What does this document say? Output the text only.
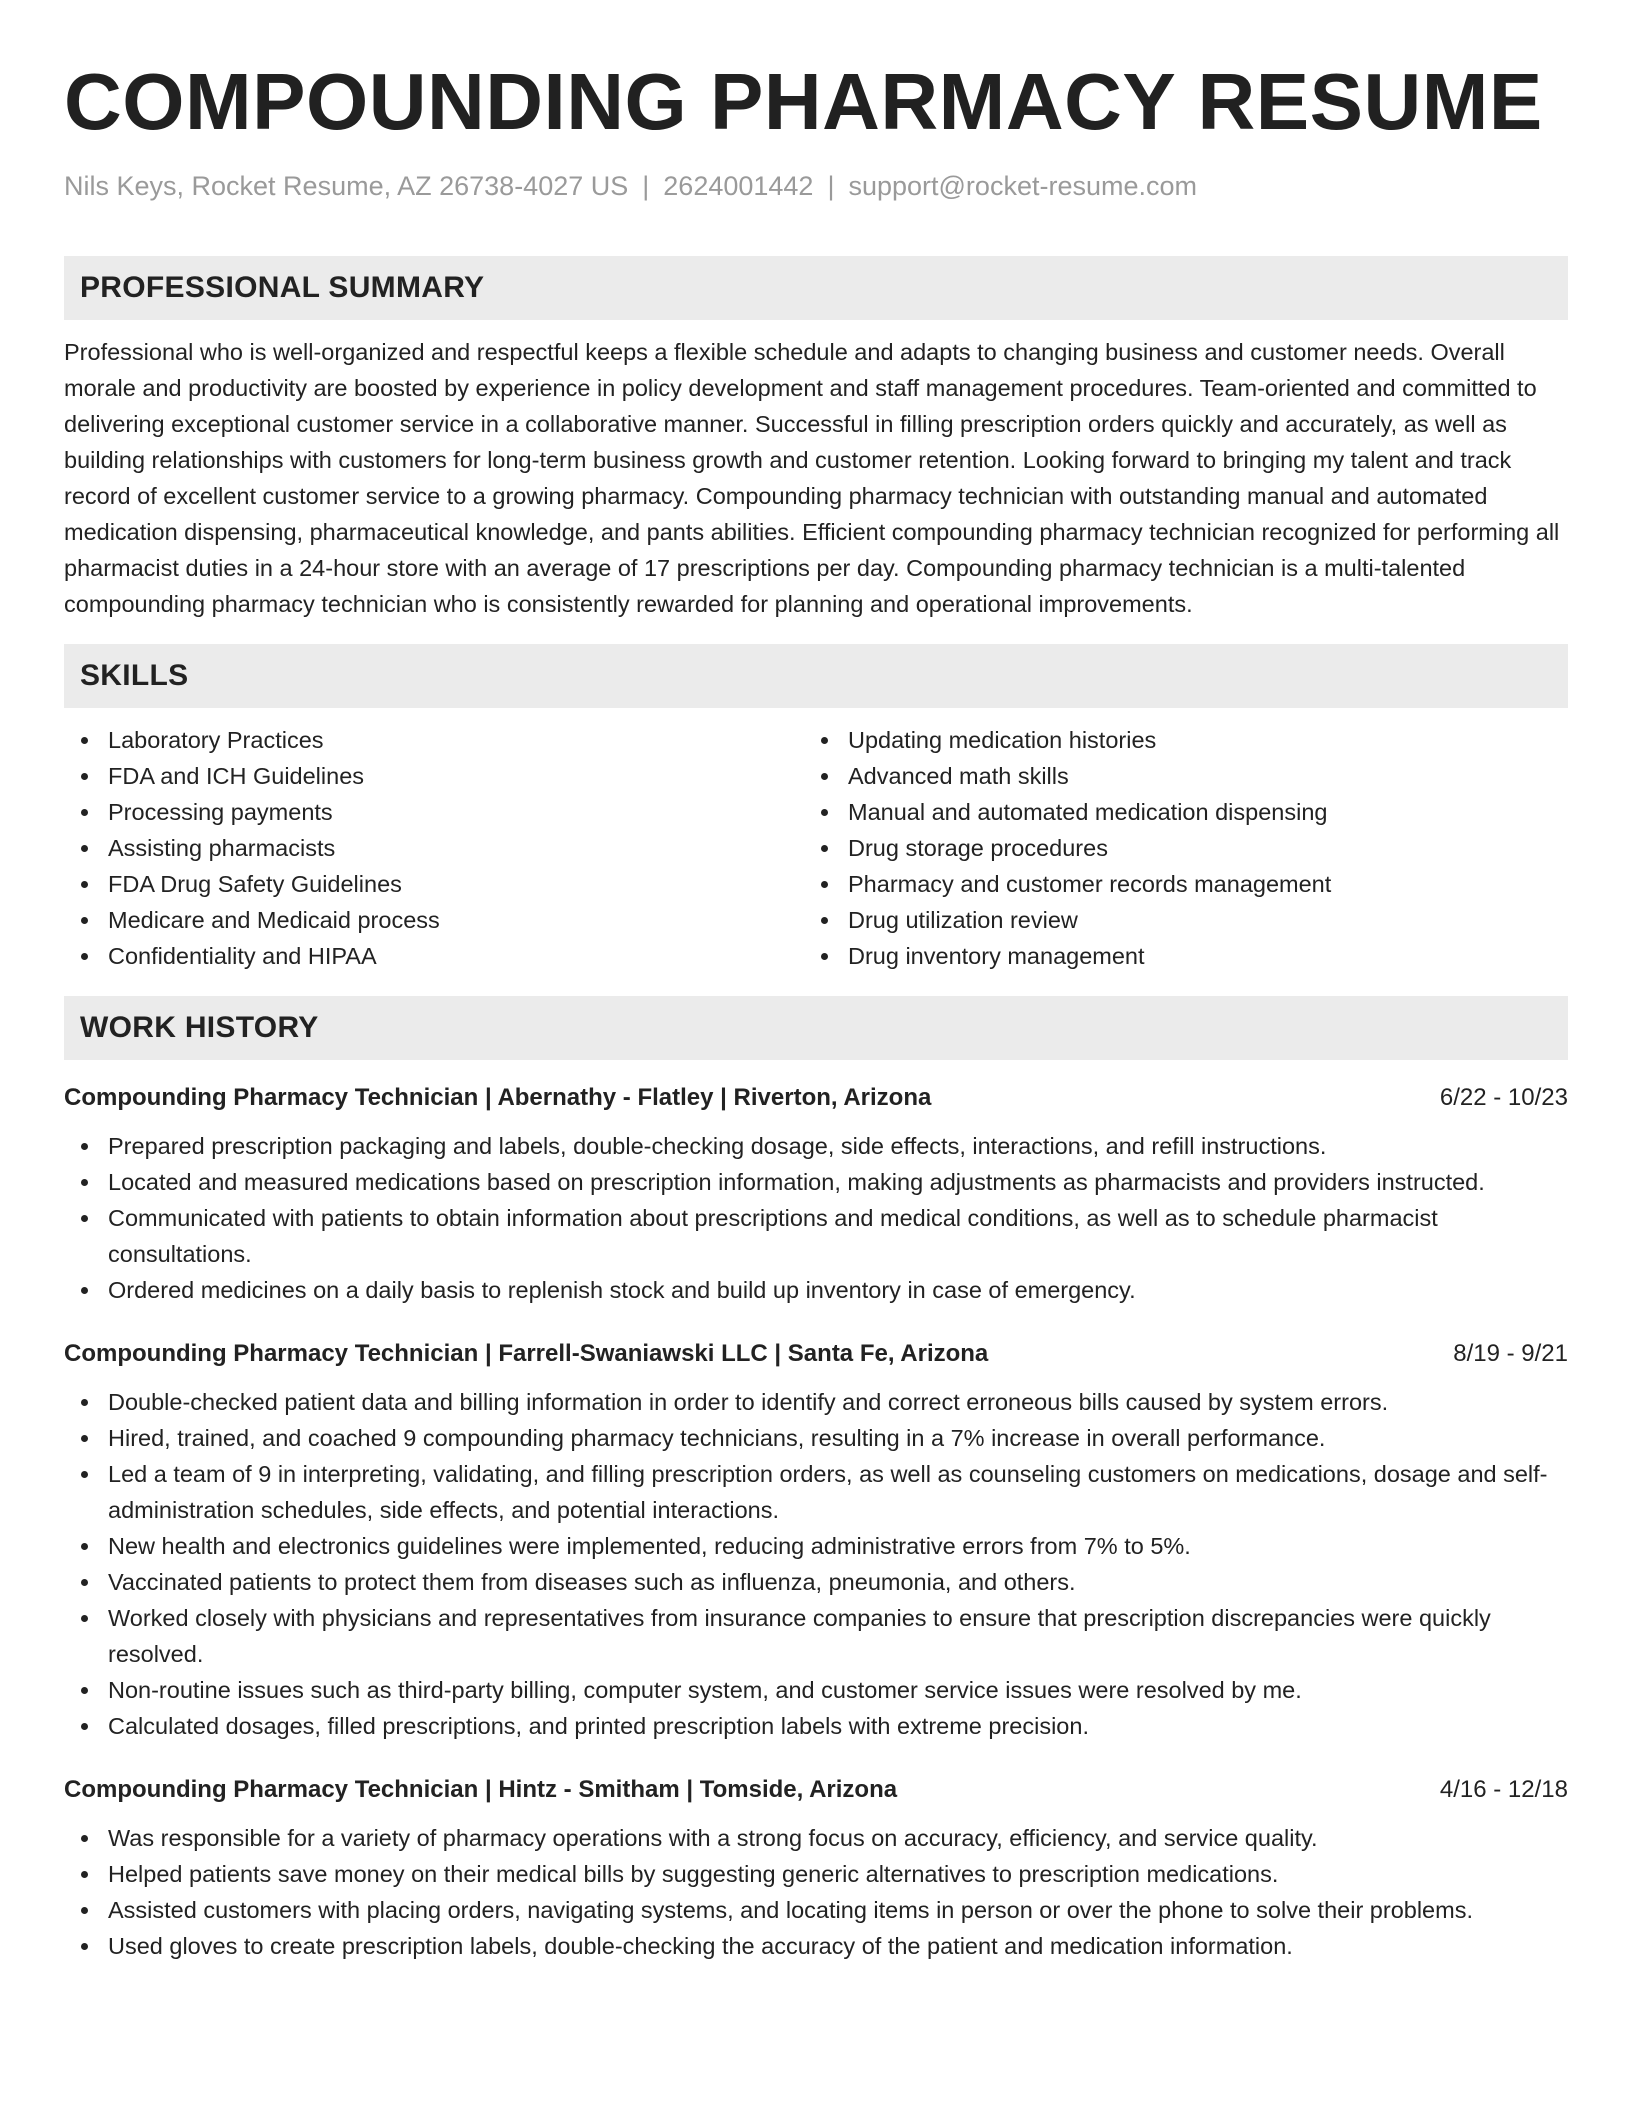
COMPOUNDING PHARMACY RESUME
Nils Keys, Rocket Resume, AZ 26738-4027 US | 2624001442 | support@rocket-resume.com
PROFESSIONAL SUMMARY
Professional who is well-organized and respectful keeps a flexible schedule and adapts to changing business and customer needs. Overall morale and productivity are boosted by experience in policy development and staff management procedures. Team-oriented and committed to delivering exceptional customer service in a collaborative manner. Successful in filling prescription orders quickly and accurately, as well as building relationships with customers for long-term business growth and customer retention. Looking forward to bringing my talent and track record of excellent customer service to a growing pharmacy. Compounding pharmacy technician with outstanding manual and automated medication dispensing, pharmaceutical knowledge, and pants abilities. Efficient compounding pharmacy technician recognized for performing all pharmacist duties in a 24-hour store with an average of 17 prescriptions per day. Compounding pharmacy technician is a multi-talented compounding pharmacy technician who is consistently rewarded for planning and operational improvements.
SKILLS
Laboratory Practices
FDA and ICH Guidelines
Processing payments
Assisting pharmacists
FDA Drug Safety Guidelines
Medicare and Medicaid process
Confidentiality and HIPAA
Updating medication histories
Advanced math skills
Manual and automated medication dispensing
Drug storage procedures
Pharmacy and customer records management
Drug utilization review
Drug inventory management
WORK HISTORY
Compounding Pharmacy Technician | Abernathy - Flatley | Riverton, Arizona	6/22 - 10/23
Prepared prescription packaging and labels, double-checking dosage, side effects, interactions, and refill instructions.
Located and measured medications based on prescription information, making adjustments as pharmacists and providers instructed.
Communicated with patients to obtain information about prescriptions and medical conditions, as well as to schedule pharmacist consultations.
Ordered medicines on a daily basis to replenish stock and build up inventory in case of emergency.
Compounding Pharmacy Technician | Farrell-Swaniawski LLC | Santa Fe, Arizona	8/19 - 9/21
Double-checked patient data and billing information in order to identify and correct erroneous bills caused by system errors.
Hired, trained, and coached 9 compounding pharmacy technicians, resulting in a 7% increase in overall performance.
Led a team of 9 in interpreting, validating, and filling prescription orders, as well as counseling customers on medications, dosage and self-administration schedules, side effects, and potential interactions.
New health and electronics guidelines were implemented, reducing administrative errors from 7% to 5%.
Vaccinated patients to protect them from diseases such as influenza, pneumonia, and others.
Worked closely with physicians and representatives from insurance companies to ensure that prescription discrepancies were quickly resolved.
Non-routine issues such as third-party billing, computer system, and customer service issues were resolved by me.
Calculated dosages, filled prescriptions, and printed prescription labels with extreme precision.
Compounding Pharmacy Technician | Hintz - Smitham | Tomside, Arizona	4/16 - 12/18
Was responsible for a variety of pharmacy operations with a strong focus on accuracy, efficiency, and service quality.
Helped patients save money on their medical bills by suggesting generic alternatives to prescription medications.
Assisted customers with placing orders, navigating systems, and locating items in person or over the phone to solve their problems.
Used gloves to create prescription labels, double-checking the accuracy of the patient and medication information.
